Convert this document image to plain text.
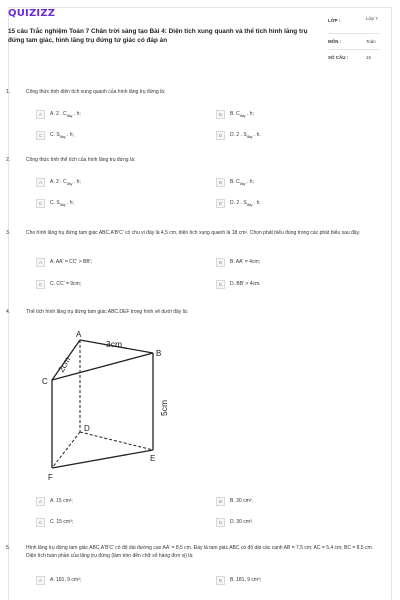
QUIZIZZ
15 câu Trắc nghiệm Toán 7 Chân trời sáng tạo Bài 4: Diện tích xung quanh và thể tích hình lăng trụ đứng tam giác, hình lăng trụ đứng tứ giác có đáp án
LỚP :	Lớp 7
MÔN :	Toán
SỐ CÂU :	15
1.	Công thức tính diện tích xung quanh của hình lăng trụ đứng là:
A	A. 2 . $C_{đáy}$ . h;	B	B. $C_{đáy}$ . h;
C	C. $S_{đáy}$ . h;	D	D. 2 . $S_{đáy}$ . h.
2.	Công thức tính thể tích của hình lăng trụ đứng là:
A	A. 2 . $C_{đáy}$ . h;	B	B. $C_{đáy}$ . h;
C	C. $S_{đáy}$ . h;	D	D. 2 . $S_{đáy}$ . h.
3.	Cho hình lăng trụ đứng tam giác ABC.A'B'C' có chu vi đáy là 4,5 cm, diện tích xung quanh là 18 cm². Chọn phát biểu đúng trong các phát biểu sau đây.
A	A. AA' = CC' > BB';	B	B. AA' = 4cm;
C	C. CC' = 9cm;	D	D. BB' > 4cm.
4.	Thể tích hình lăng trụ đứng tam giác ABC.DEF trong hình vẽ dưới đây là:
A	A. 15 cm²;	B	B. 30 cm²;
C	C. 15 cm³;	D	D. 30 cm³.
A
B
C
D
E
F
3cm
2cm
5cm
5.	Hình lăng trụ đứng tam giác ABC.A'B'C' có độ dài đường cao AA' = 8,5 cm. Đáy là tam giác ABC có độ dài các cạnh AB = 7,5 cm; AC = 5,4 cm; BC = 8,5 cm. Diện tích toàn phần của lăng trụ đứng (làm tròn đến chữ số hàng đơn vị) là:
A	A. 181, 9 cm²;	B	B. 181, 9 cm³;
